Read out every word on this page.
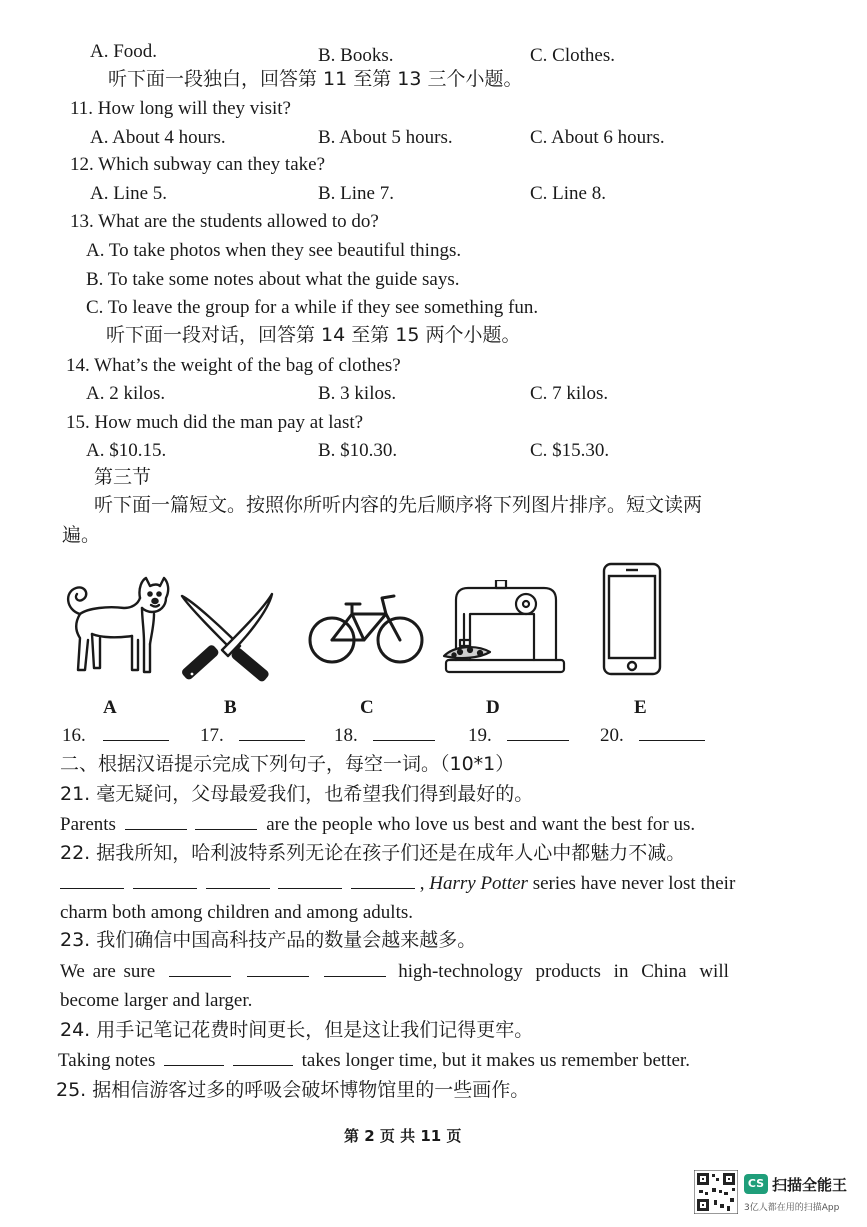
A. Food.	B. Books.	C. Clothes.
听下面一段独白，回答第 11 至第 13 三个小题。
11. How long will they visit?
A. About 4 hours.	B. About 5 hours.	C. About 6 hours.
12. Which subway can they take?
A. Line 5.	B. Line 7.	C. Line 8.
13. What are the students allowed to do?
A. To take photos when they see beautiful things.
B. To take some notes about what the guide says.
C. To leave the group for a while if they see something fun.
听下面一段对话，回答第 14 至第 15 两个小题。
14. What’s the weight of the bag of clothes?
A. 2 kilos.	B. 3 kilos.	C. 7 kilos.
15. How much did the man pay at last?
A. $10.15.	B. $10.30.	C. $15.30.
第三节
听下面一篇短文。按照你所听内容的先后顺序将下列图片排序。短文读两
遍。
A	B	C	D	E
16.	17.	18.	19.	20.
二、根据汉语提示完成下列句子，每空一词。（10*1）
21. 毫无疑问，父母最爱我们，也希望我们得到最好的。
Parents	are the people who love us best and want the best for us.
22. 据我所知，哈利波特系列无论在孩子们还是在成年人心中都魅力不减。
, Harry Potter series have never lost their
charm both among children and among adults.
23. 我们确信中国高科技产品的数量会越来越多。
We are sure	high-technology products in China will
become larger and larger.
24. 用手记笔记花费时间更长，但是这让我们记得更牢。
Taking notes	takes longer time, but it makes us remember better.
25. 据相信游客过多的呼吸会破坏博物馆里的一些画作。
第 2 页 共 11 页
CS 扫描全能王
3亿人都在用的扫描App
